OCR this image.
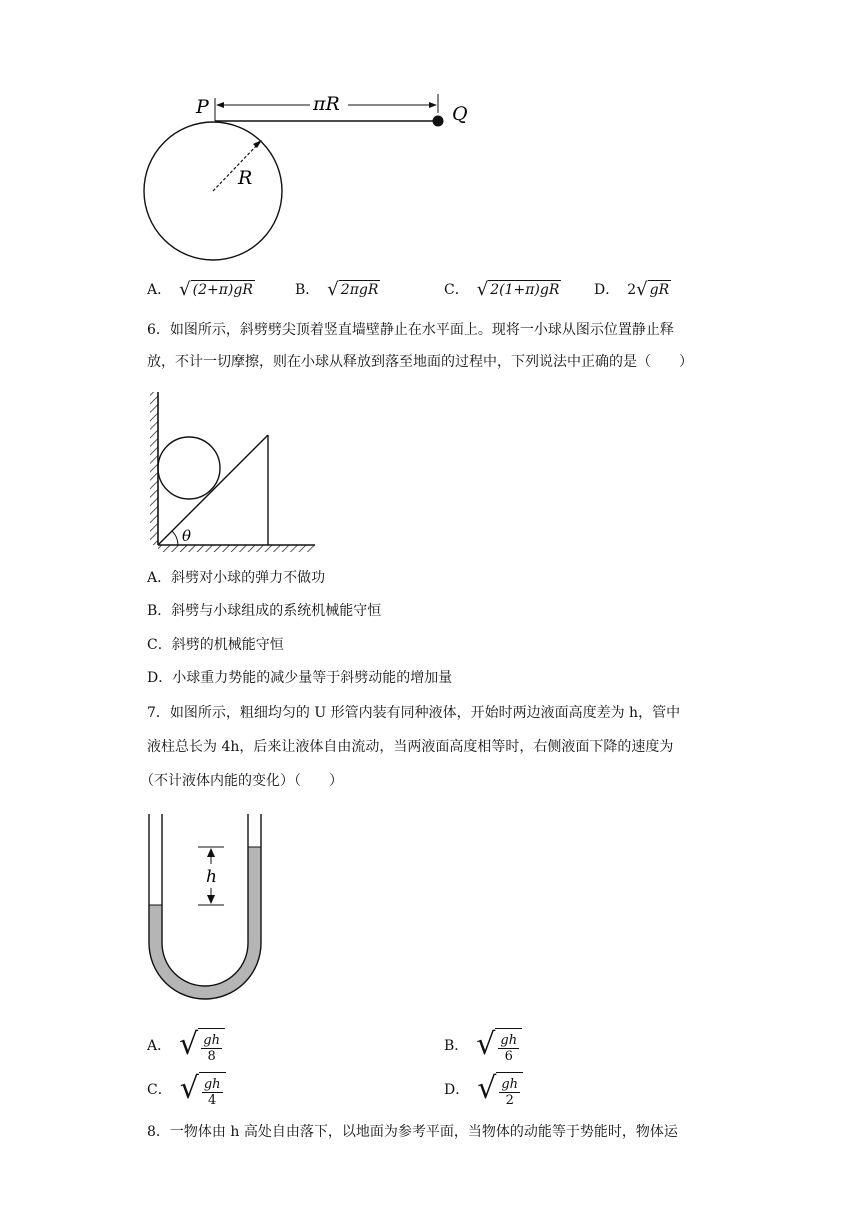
P	Q
πR
R
A． √ (2+π)gR	B． √ 2πgR	C． √ 2(1+π)gR D． 2 √ gR
6．如图所示，斜劈劈尖顶着竖直墙壁静止在水平面上。现将一小球从图示位置静止释
放，不计一切摩擦，则在小球从释放到落至地面的过程中，下列说法中正确的是（　　）
θ
A．斜劈对小球的弹力不做功
B．斜劈与小球组成的系统机械能守恒
C．斜劈的机械能守恒
D．小球重力势能的减少量等于斜劈动能的增加量
7．如图所示，粗细均匀的 U 形管内装有同种液体，开始时两边液面高度差为 h，管中
液柱总长为 4h，后来让液体自由流动，当两液面高度相等时，右侧液面下降的速度为
（不计液体内能的变化）（　　）
h
A． √ $\frac{gh}{8}$	B． √ $\frac{gh}{6}$
C． √ $\frac{gh}{4}$	D． √ $\frac{gh}{2}$
8．一物体由 h 高处自由落下，以地面为参考平面，当物体的动能等于势能时，物体运
